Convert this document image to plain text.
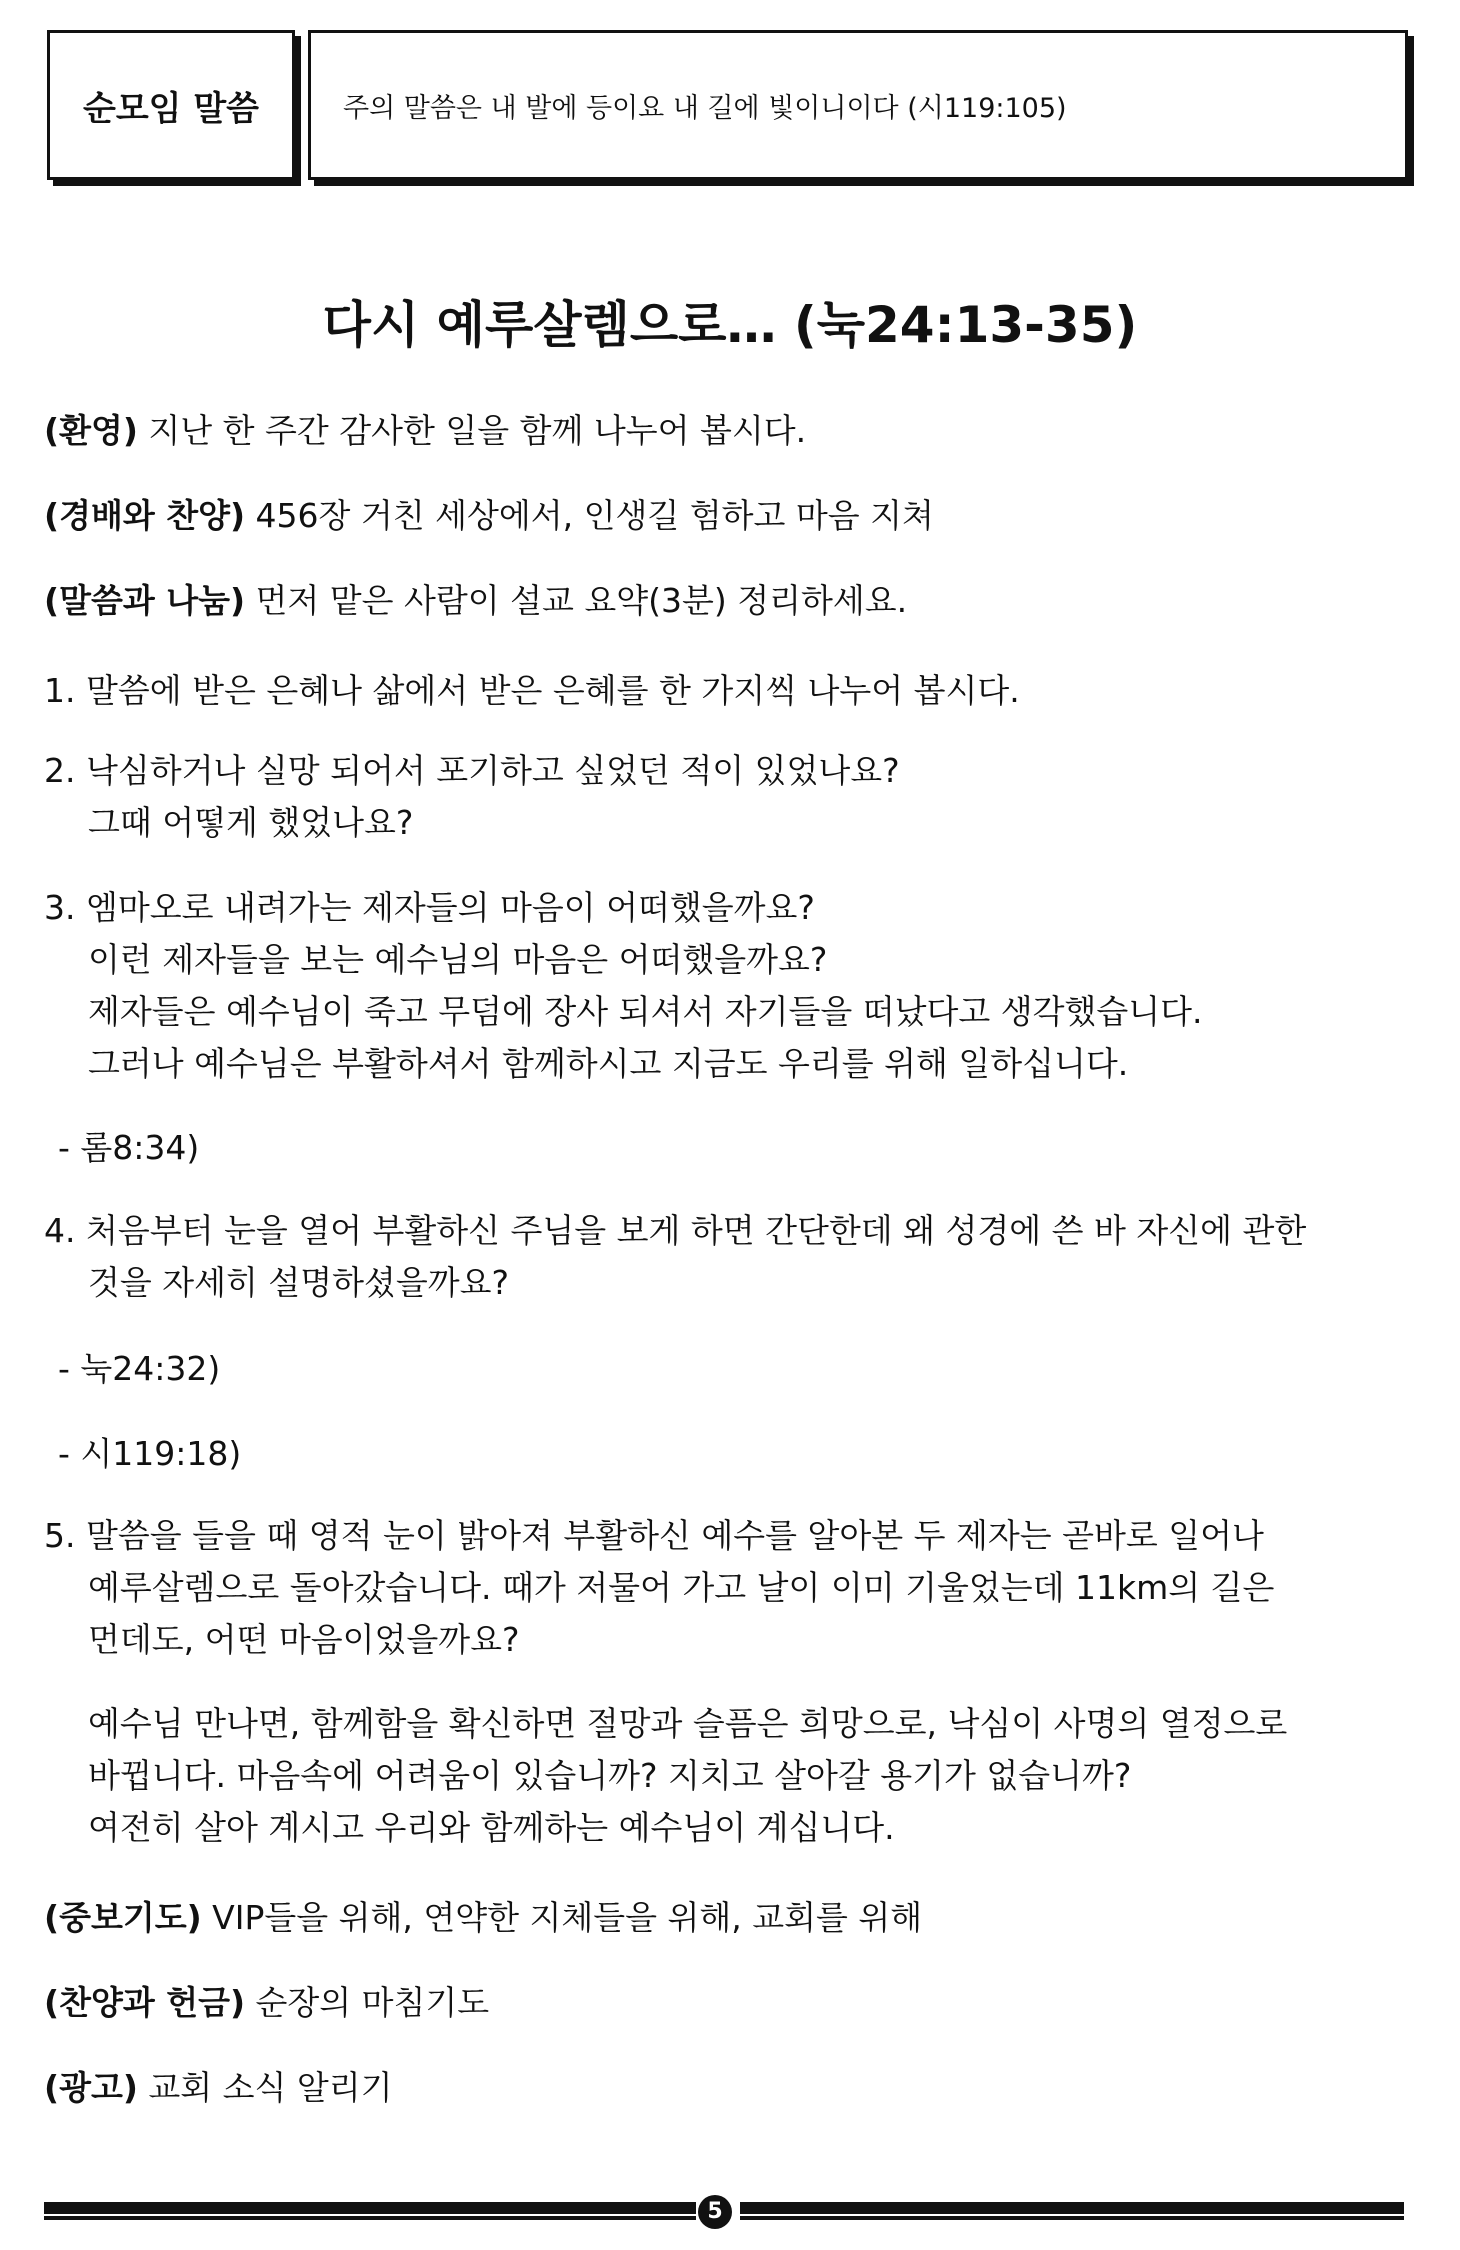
순모임 말씀	주의 말씀은 내 발에 등이요 내 길에 빛이니이다 (시119:105)
다시 예루살렘으로… (눅24:13-35)
(환영) 지난 한 주간 감사한 일을 함께 나누어 봅시다.
(경배와 찬양) 456장 거친 세상에서, 인생길 험하고 마음 지쳐
(말씀과 나눔) 먼저 맡은 사람이 설교 요약(3분) 정리하세요.
1. 말씀에 받은 은혜나 삶에서 받은 은혜를 한 가지씩 나누어 봅시다.
2. 낙심하거나 실망 되어서 포기하고 싶었던 적이 있었나요?
그때 어떻게 했었나요?
3. 엠마오로 내려가는 제자들의 마음이 어떠했을까요?
이런 제자들을 보는 예수님의 마음은 어떠했을까요?
제자들은 예수님이 죽고 무덤에 장사 되셔서 자기들을 떠났다고 생각했습니다.
그러나 예수님은 부활하셔서 함께하시고 지금도 우리를 위해 일하십니다.
- 롬8:34)
4. 처음부터 눈을 열어 부활하신 주님을 보게 하면 간단한데 왜 성경에 쓴 바 자신에 관한
것을 자세히 설명하셨을까요?
- 눅24:32)
- 시119:18)
5. 말씀을 들을 때 영적 눈이 밝아져 부활하신 예수를 알아본 두 제자는 곧바로 일어나
예루살렘으로 돌아갔습니다. 때가 저물어 가고 날이 이미 기울었는데 11km의 길은
먼데도, 어떤 마음이었을까요?
예수님 만나면, 함께함을 확신하면 절망과 슬픔은 희망으로, 낙심이 사명의 열정으로
바뀝니다. 마음속에 어려움이 있습니까? 지치고 살아갈 용기가 없습니까?
여전히 살아 계시고 우리와 함께하는 예수님이 계십니다.
(중보기도) VIP들을 위해, 연약한 지체들을 위해, 교회를 위해
(찬양과 헌금) 순장의 마침기도
(광고) 교회 소식 알리기
5
